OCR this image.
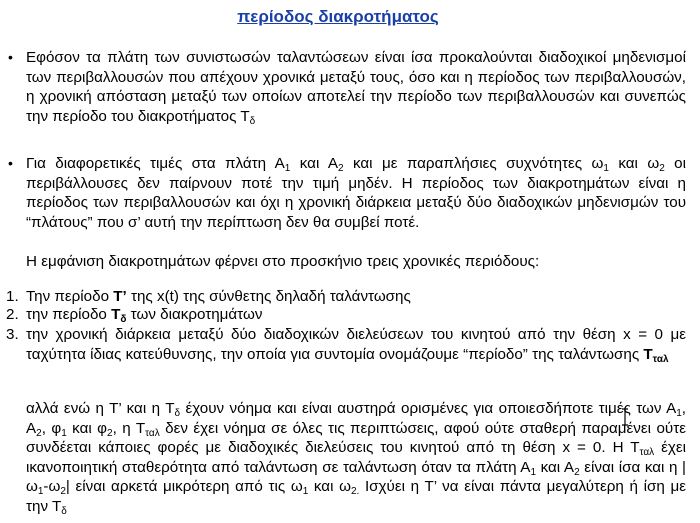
περίοδος διακροτήματος
• Εφόσον τα πλάτη των συνιστωσών ταλαντώσεων είναι ίσα προκαλούνται διαδοχικοί μηδενισμοί των περιβαλλουσών που απέχουν χρονικά μεταξύ τους, όσο και η περίοδος των περιβαλλουσών, η χρονική απόσταση μεταξύ των οποίων αποτελεί την περίοδο των περιβαλλουσών και συνεπώς την περίοδο του διακροτήματος $T_\delta$
• Για διαφορετικές τιμές στα πλάτη $A_1$ και $A_2$ και με παραπλήσιες συχνότητες $\omega_1$ και $\omega_2$ οι περιβάλλουσες δεν παίρνουν ποτέ την τιμή μηδέν. Η περίοδος των διακροτημάτων είναι η περίοδος των περιβαλλουσών και όχι η χρονική διάρκεια μεταξύ δύο διαδοχικών μηδενισμών του “πλάτους” που σ’ αυτή την περίπτωση δεν θα συμβεί ποτέ.
Η εμφάνιση διακροτημάτων φέρνει στο προσκήνιο τρεις χρονικές περιόδους:
1. Την περίοδο Τ’ της x(t) της σύνθετης δηλαδή ταλάντωσης
2. την περίοδο $T_\delta$ των διακροτημάτων
3. την χρονική διάρκεια μεταξύ δύο διαδοχικών διελεύσεων του κινητού από την θέση x = 0 με ταχύτητα ίδιας κατεύθυνσης, την οποία για συντομία ονομάζουμε “περίοδο” της ταλάντωσης $T_{\tau\alpha\lambda}$
αλλά ενώ η Τ’ και η $T_\delta$ έχουν νόημα και είναι αυστηρά ορισμένες για οποιεσδήποτε τιμές των $A_1$, $A_2$, $\varphi_1$ και $\varphi_2$, η $T_{\tau\alpha\lambda}$ δεν έχει νόημα σε όλες τις περιπτώσεις, αφού ούτε σταθερή παραμένει ούτε συνδέεται κάποιες φορές με διαδοχικές διελεύσεις του κινητού από τη θέση x = 0. Η $T_{\tau\alpha\lambda}$ έχει ικανοποιητική σταθερότητα από ταλάντωση σε ταλάντωση όταν τα πλάτη $A_1$ και $A_2$ είναι ίσα και η $|\omega_1-\omega_2|$ είναι αρκετά μικρότερη από τις $\omega_1$ και $\omega_{2.}$ Ισχύει η Τ’ να είναι πάντα μεγαλύτερη ή ίση με την $T_\delta$
